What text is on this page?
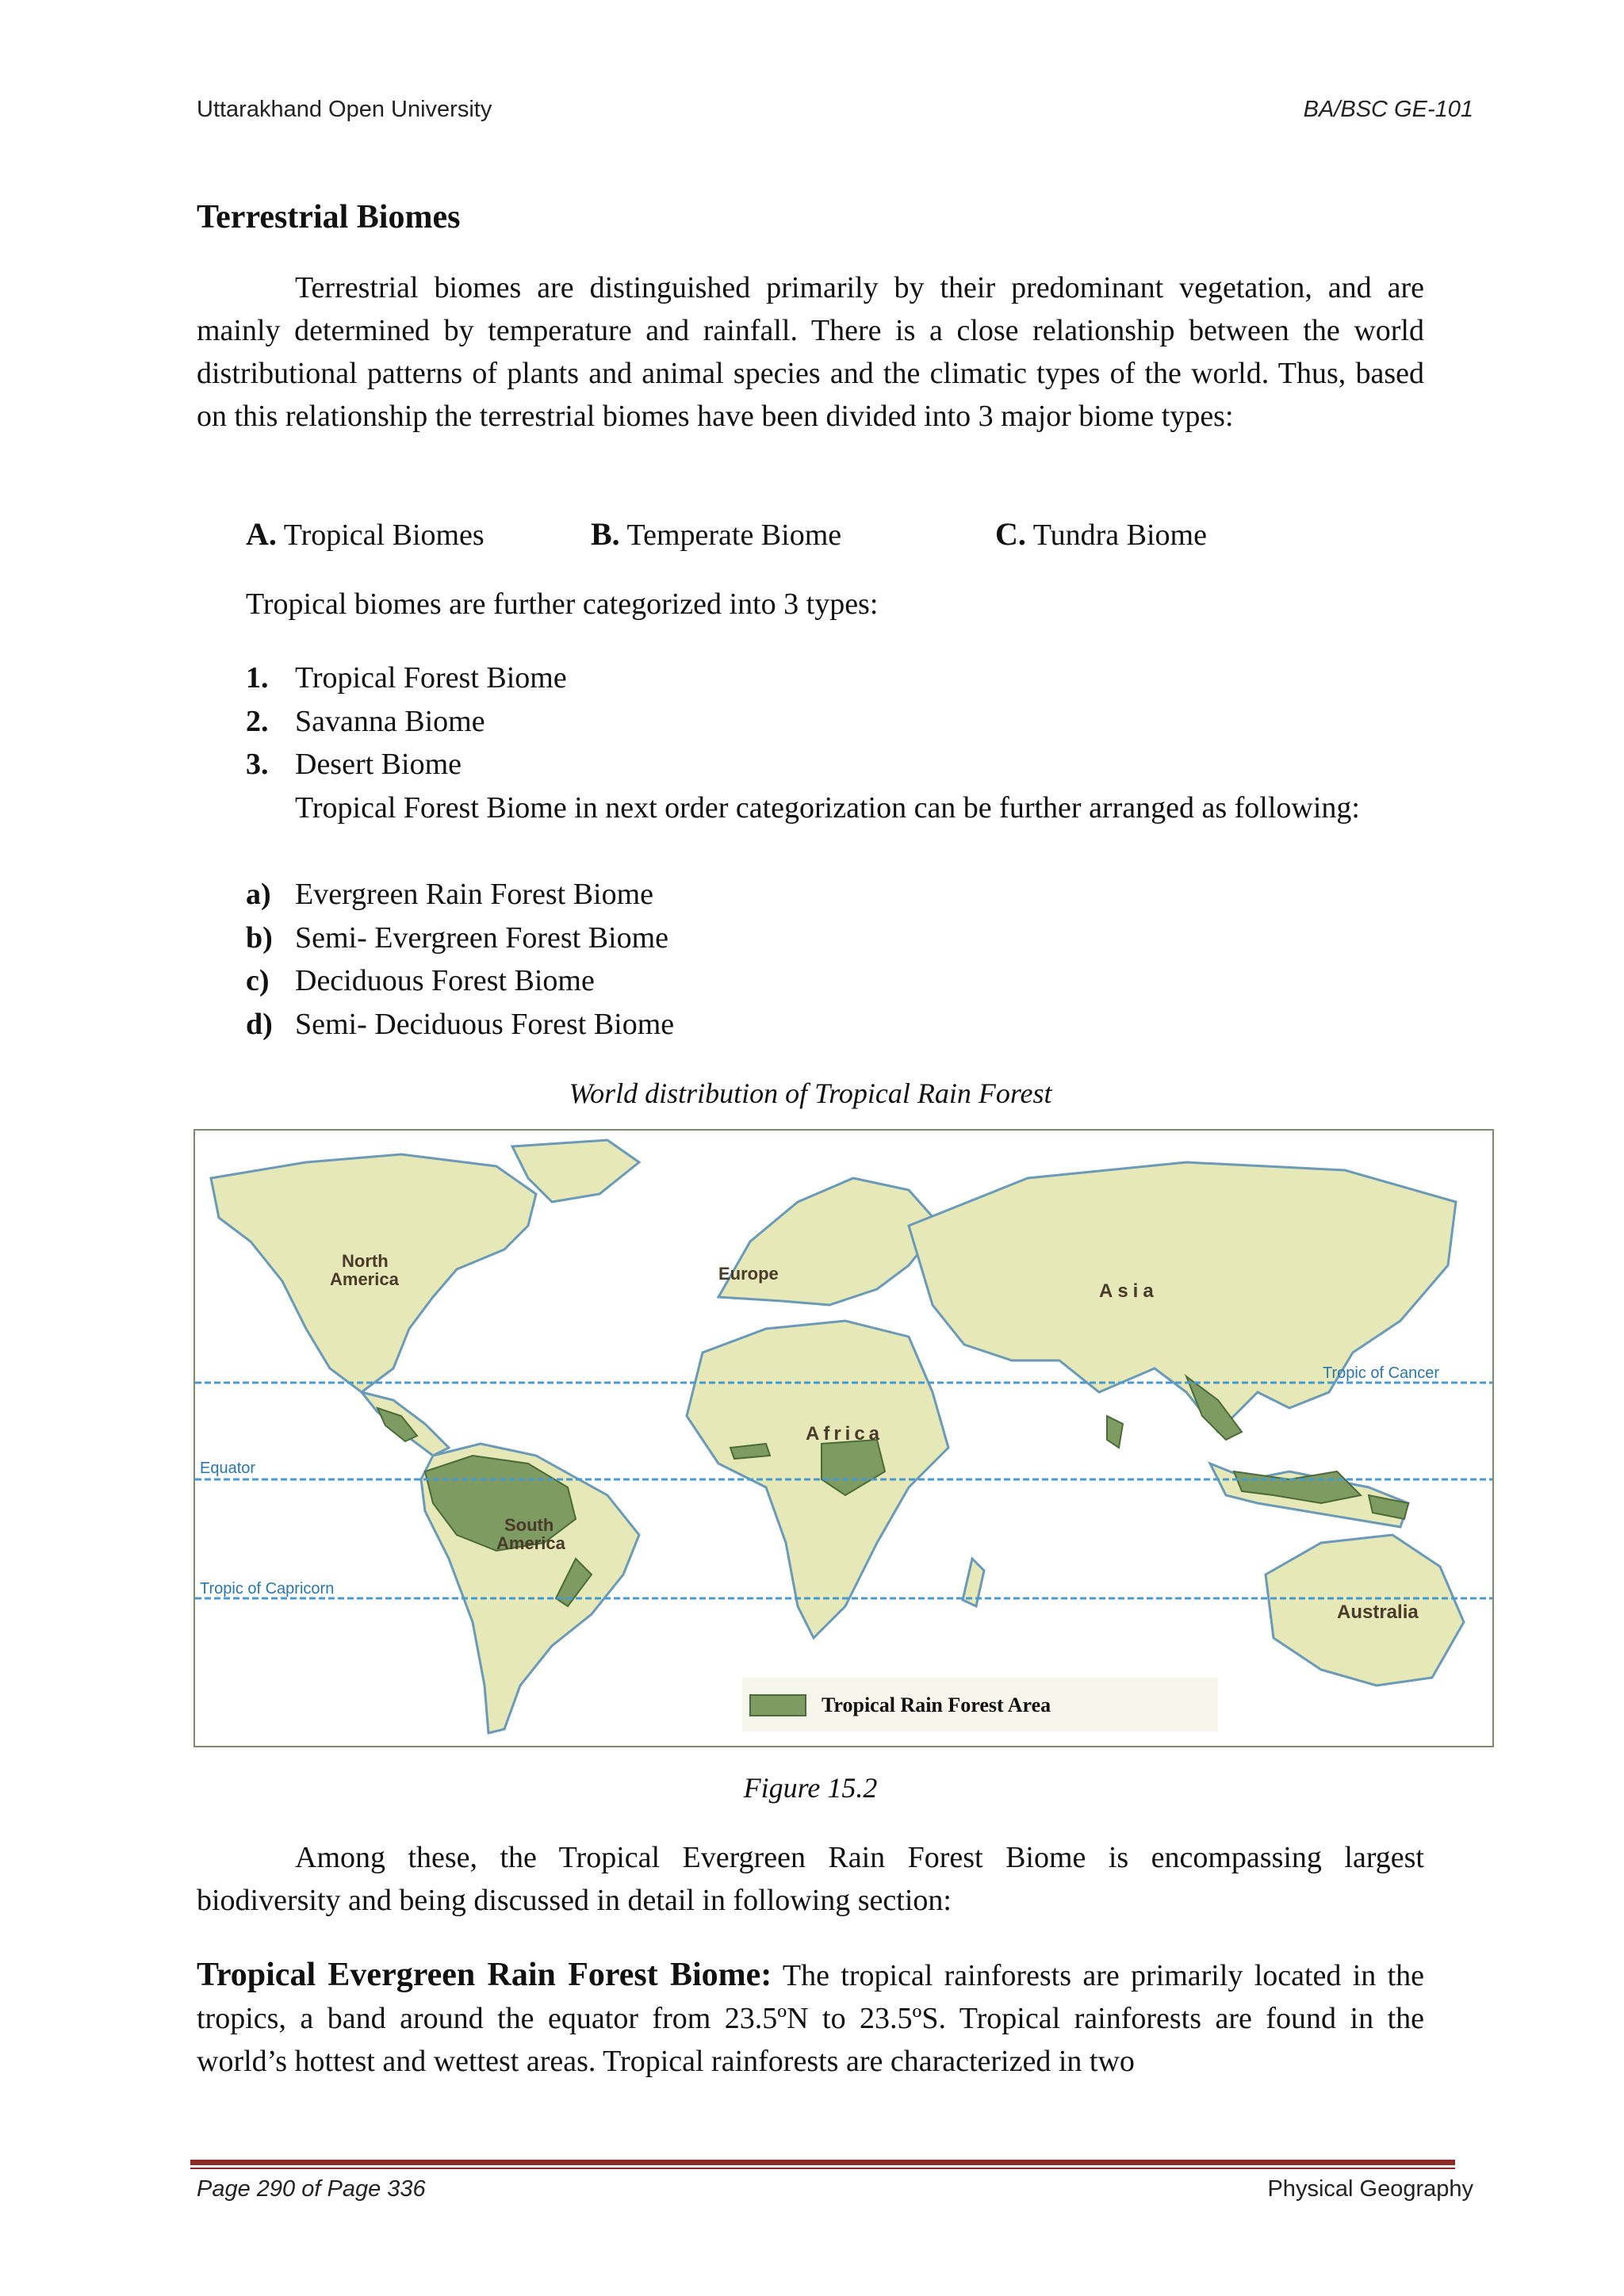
Uttarakhand Open University	BA/BSC GE-101
Terrestrial Biomes
Terrestrial biomes are distinguished primarily by their predominant vegetation, and are mainly determined by temperature and rainfall. There is a close relationship between the world distributional patterns of plants and animal species and the climatic types of the world. Thus, based on this relationship the terrestrial biomes have been divided into 3 major biome types:
A. Tropical Biomes	B. Temperate Biome	C. Tundra Biome
Tropical biomes are further categorized into 3 types:
1. Tropical Forest Biome
2. Savanna Biome
3. Desert Biome
Tropical Forest Biome in next order categorization can be further arranged as following:
a) Evergreen Rain Forest Biome
b) Semi- Evergreen Forest Biome
c) Deciduous Forest Biome
d) Semi- Deciduous Forest Biome
World distribution of Tropical Rain Forest
Figure 15.2
Among these, the Tropical Evergreen Rain Forest Biome is encompassing largest biodiversity and being discussed in detail in following section:
Tropical Evergreen Rain Forest Biome: The tropical rainforests are primarily located in the tropics, a band around the equator from 23.5ºN to 23.5ºS. Tropical rainforests are found in the world’s hottest and wettest areas. Tropical rainforests are characterized in two
North
America
South
America
Europe
Africa
Asia
Australia
Equator
Tropic of Cancer
Tropic of Capricorn
Tropical Rain Forest Area
Page 290 of Page 336	Physical Geography
